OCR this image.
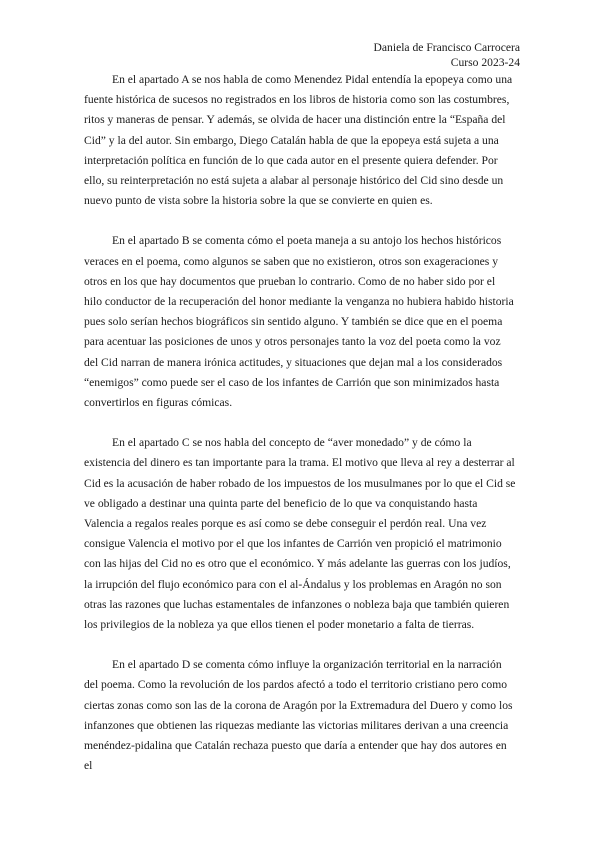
Daniela de Francisco Carrocera
Curso 2023-24

En el apartado A se nos habla de como Menendez Pidal entendía la epopeya como una fuente histórica de sucesos no registrados en los libros de historia como son las costumbres, ritos y maneras de pensar. Y además, se olvida de hacer una distinción entre la “España del Cid” y la del autor. Sin embargo, Diego Catalán habla de que la epopeya está sujeta a una interpretación política en función de lo que cada autor en el presente quiera defender. Por ello, su reinterpretación no está sujeta a alabar al personaje histórico del Cid sino desde un nuevo punto de vista sobre la historia sobre la que se convierte en quien es.

En el apartado B se comenta cómo el poeta maneja a su antojo los hechos históricos veraces en el poema, como algunos se saben que no existieron, otros son exageraciones y otros en los que hay documentos que prueban lo contrario. Como de no haber sido por el hilo conductor de la recuperación del honor mediante la venganza no hubiera habido historia pues solo serían hechos biográficos sin sentido alguno. Y también se dice que en el poema para acentuar las posiciones de unos y otros personajes tanto la voz del poeta como la voz del Cid narran de manera irónica actitudes, y situaciones que dejan mal a los considerados “enemigos” como puede ser el caso de los infantes de Carrión que son minimizados hasta convertirlos en figuras cómicas.

En el apartado C se nos habla del concepto de “aver monedado” y de cómo la existencia del dinero es tan importante para la trama. El motivo que lleva al rey a desterrar al Cid es la acusación de haber robado de los impuestos de los musulmanes por lo que el Cid se ve obligado a destinar una quinta parte del beneficio de lo que va conquistando hasta Valencia a regalos reales porque es así como se debe conseguir el perdón real. Una vez consigue Valencia el motivo por el que los infantes de Carrión ven propició el matrimonio con las hijas del Cid no es otro que el económico. Y más adelante las guerras con los judíos, la irrupción del flujo económico para con el al-Ándalus y los problemas en Aragón no son otras las razones que luchas estamentales de infanzones o nobleza baja que también quieren los privilegios de la nobleza ya que ellos tienen el poder monetario a falta de tierras.

En el apartado D se comenta cómo influye la organización territorial en la narración del poema. Como la revolución de los pardos afectó a todo el territorio cristiano pero como ciertas zonas como son las de la corona de Aragón por la Extremadura del Duero y como los infanzones que obtienen las riquezas mediante las victorias militares derivan a una creencia menéndez-pidalina que Catalán rechaza puesto que daría a entender que hay dos autores en el
